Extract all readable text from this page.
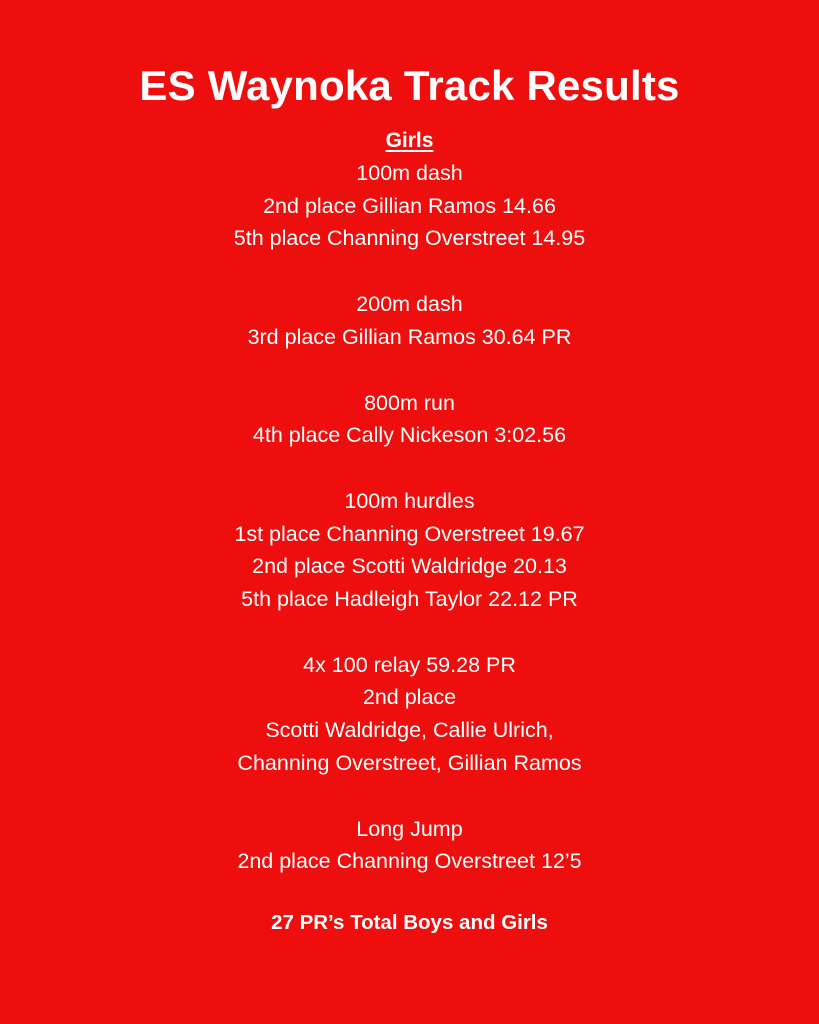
ES Waynoka Track Results
Girls
100m dash
2nd place Gillian Ramos 14.66
5th place Channing Overstreet 14.95
200m dash
3rd place Gillian Ramos 30.64 PR
800m run
4th place Cally Nickeson 3:02.56
100m hurdles
1st place Channing Overstreet 19.67
2nd place Scotti Waldridge 20.13
5th place Hadleigh Taylor 22.12 PR
4x 100 relay 59.28 PR
2nd place
Scotti Waldridge, Callie Ulrich,
Channing Overstreet, Gillian Ramos
Long Jump
2nd place Channing Overstreet 12’5
27 PR’s Total Boys and Girls
